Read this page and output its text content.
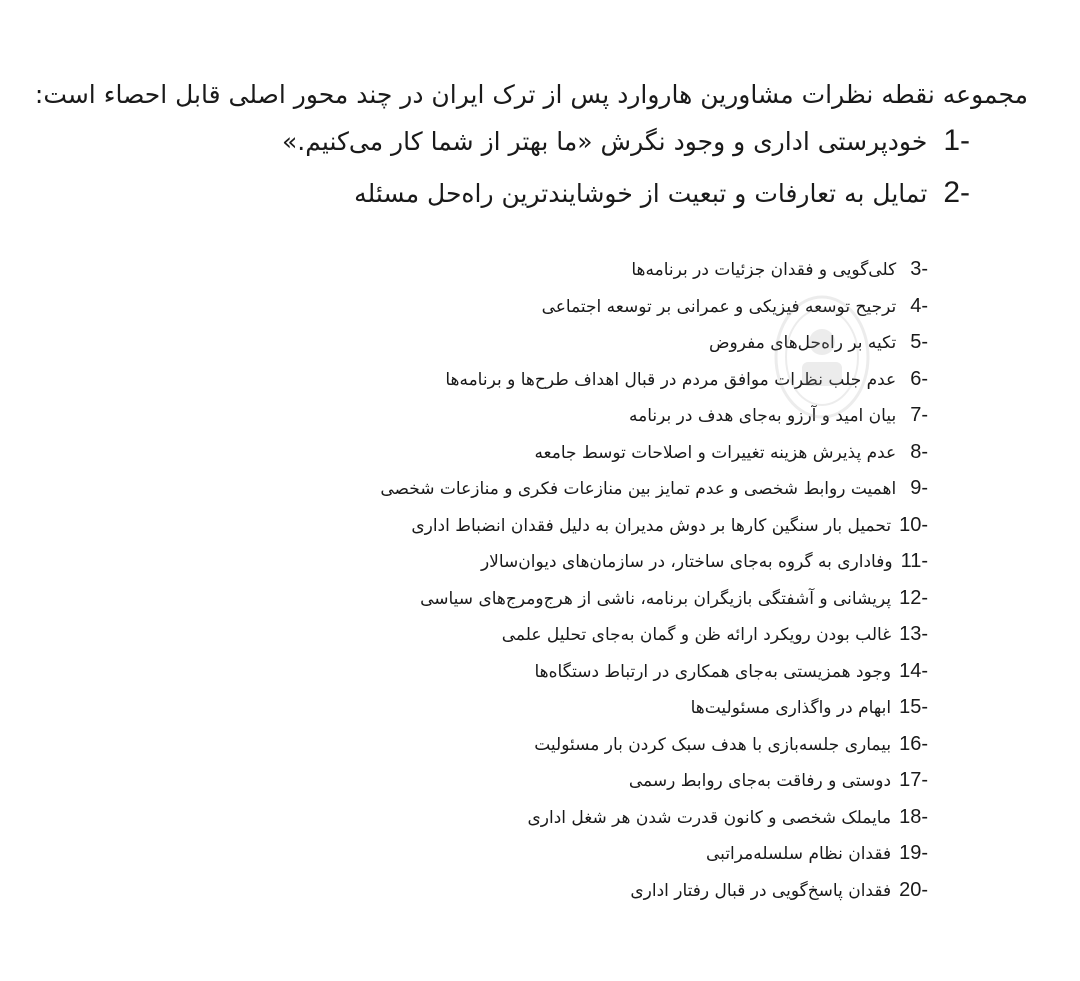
مجموعه نقطه نظرات مشاورین هاروارد پس از ترک ایران در چند محور اصلی قابل احصاء است:
1-
خودپرستی اداری و وجود نگرش «ما بهتر از شما کار می‌کنیم.»
2-
تمایل به تعارفات و تبعیت از خوشایندترین راه‌حل مسئله
3-
کلی‌گویی و فقدان جزئیات در برنامه‌ها
4-
ترجیح توسعه فیزیکی و عمرانی بر توسعه اجتماعی
5-
تکیه بر راه‌حل‌های مفروض
6-
عدم جلب نظرات موافق مردم در قبال اهداف طرح‌ها و برنامه‌ها
7-
بیان امید و آرزو به‌جای هدف در برنامه
8-
عدم پذیرش هزینه تغییرات و اصلاحات توسط جامعه
9-
اهمیت روابط شخصی و عدم تمایز بین منازعات فکری و منازعات شخصی
10-
تحمیل بار سنگین کارها بر دوش مدیران به دلیل فقدان انضباط اداری
11-
وفاداری به گروه به‌جای ساختار، در سازمان‌های دیوان‌سالار
12-
پریشانی و آشفتگی بازیگران برنامه، ناشی از هرج‌ومرج‌های سیاسی
13-
غالب بودن رویکرد ارائه ظن و گمان به‌جای تحلیل علمی
14-
وجود همزیستی به‌جای همکاری در ارتباط دستگاه‌ها
15-
ابهام در واگذاری مسئولیت‌ها
16-
بیماری جلسه‌بازی با هدف سبک کردن بار مسئولیت
17-
دوستی و رفاقت به‌جای روابط رسمی
18-
مایملک شخصی و کانون قدرت شدن هر شغل اداری
19-
فقدان نظام سلسله‌مراتبی
20-
فقدان پاسخ‌گویی در قبال رفتار اداری
